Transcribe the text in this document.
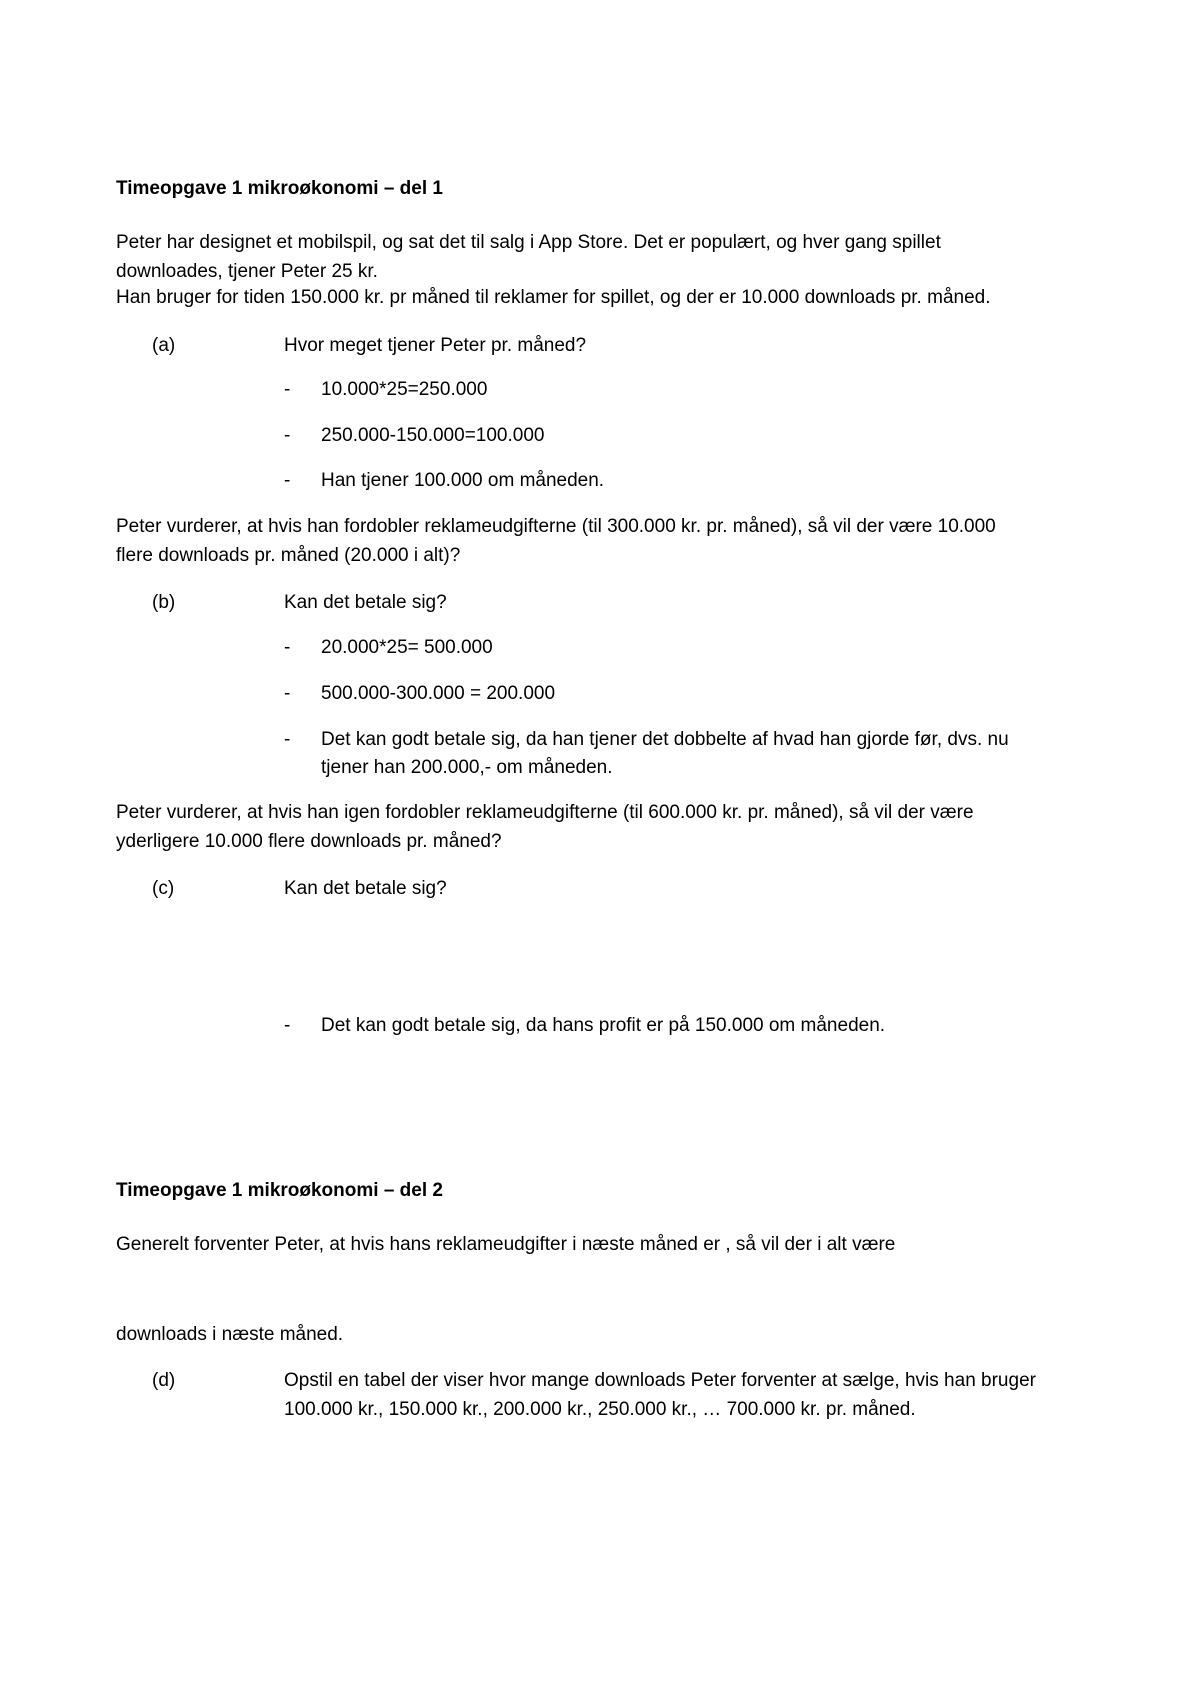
Timeopgave 1 mikroøkonomi – del 1
Peter har designet et mobilspil, og sat det til salg i App Store. Det er populært, og hver gang spillet
downloades, tjener Peter 25 kr.
Han bruger for tiden 150.000 kr. pr måned til reklamer for spillet, og der er 10.000 downloads pr. måned.
(a)	Hvor meget tjener Peter pr. måned?
- 10.000*25=250.000
- 250.000-150.000=100.000
- Han tjener 100.000 om måneden.
Peter vurderer, at hvis han fordobler reklameudgifterne (til 300.000 kr. pr. måned), så vil der være 10.000
flere downloads pr. måned (20.000 i alt)?
(b)	Kan det betale sig?
- 20.000*25= 500.000
- 500.000-300.000 = 200.000
- Det kan godt betale sig, da han tjener det dobbelte af hvad han gjorde før, dvs. nu
tjener han 200.000,- om måneden.
Peter vurderer, at hvis han igen fordobler reklameudgifterne (til 600.000 kr. pr. måned), så vil der være
yderligere 10.000 flere downloads pr. måned?
(c)	Kan det betale sig?
- Det kan godt betale sig, da hans profit er på 150.000 om måneden.
Timeopgave 1 mikroøkonomi – del 2
Generelt forventer Peter, at hvis hans reklameudgifter i næste måned er , så vil der i alt være
downloads i næste måned.
(d)	Opstil en tabel der viser hvor mange downloads Peter forventer at sælge, hvis han bruger
100.000 kr., 150.000 kr., 200.000 kr., 250.000 kr., … 700.000 kr. pr. måned.
